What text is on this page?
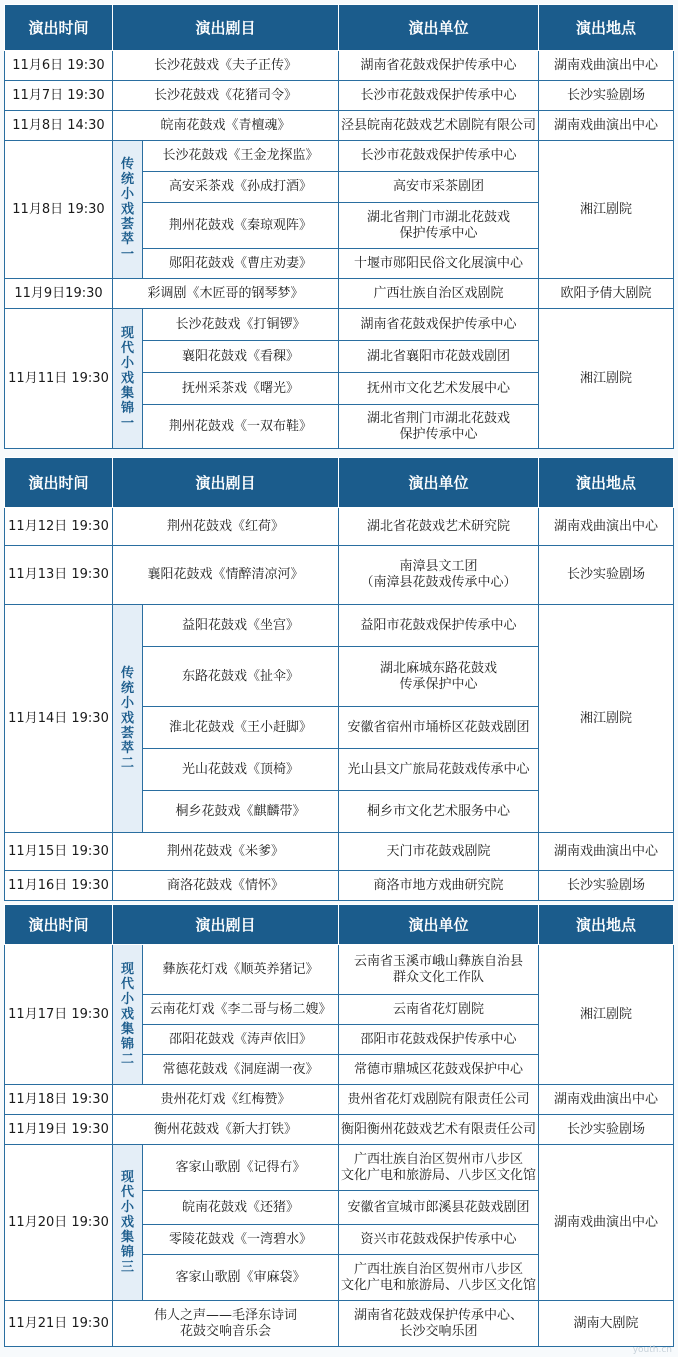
演出时间	演出剧目		演出单位	演出地点
11月6日 19:30	长沙花鼓戏《夫子正传》		湖南省花鼓戏保护传承中心	湖南戏曲演出中心
11月7日 19:30	长沙花鼓戏《花猪司令》		长沙市花鼓戏保护传承中心	长沙实验剧场
11月8日 14:30	皖南花鼓戏《青檀魂》		泾县皖南花鼓戏艺术剧院有限公司	湖南戏曲演出中心
11月8日 19:30	传统小戏荟萃一	长沙花鼓戏《王金龙探监》	长沙市花鼓戏保护传承中心	湘江剧院
		高安采茶戏《孙成打酒》	高安市采茶剧团	
		荆州花鼓戏《秦琼观阵》	湖北省荆门市湖北花鼓戏
保护传承中心	
		郧阳花鼓戏《曹庄劝妻》	十堰市郧阳民俗文化展演中心	
11月9日19:30	彩调剧《木匠哥的钢琴梦》		广西壮族自治区戏剧院	欧阳予倩大剧院
11月11日 19:30	现代小戏集锦一	长沙花鼓戏《打铜锣》	湖南省花鼓戏保护传承中心	湘江剧院
		襄阳花鼓戏《看稞》	湖北省襄阳市花鼓戏剧团	
		抚州采茶戏《曙光》	抚州市文化艺术发展中心	
		荆州花鼓戏《一双布鞋》	湖北省荆门市湖北花鼓戏
保护传承中心	
演出时间	演出剧目		演出单位	演出地点
11月12日 19:30	荆州花鼓戏《红荷》		湖北省花鼓戏艺术研究院	湖南戏曲演出中心
11月13日 19:30	襄阳花鼓戏《情醉清凉河》		南漳县文工团
（南漳县花鼓戏传承中心）	长沙实验剧场
11月14日 19:30	传统小戏荟萃二	益阳花鼓戏《坐宫》	益阳市花鼓戏保护传承中心	湘江剧院
		东路花鼓戏《扯伞》	湖北麻城东路花鼓戏
传承保护中心	
		淮北花鼓戏《王小赶脚》	安徽省宿州市埇桥区花鼓戏剧团	
		光山花鼓戏《顶椅》	光山县文广旅局花鼓戏传承中心	
		桐乡花鼓戏《麒麟带》	桐乡市文化艺术服务中心	
11月15日 19:30	荆州花鼓戏《米爹》		天门市花鼓戏剧院	湖南戏曲演出中心
11月16日 19:30	商洛花鼓戏《情怀》		商洛市地方戏曲研究院	长沙实验剧场
演出时间	演出剧目		演出单位	演出地点
11月17日 19:30	现代小戏集锦二	彝族花灯戏《顺英养猪记》	云南省玉溪市峨山彝族自治县
群众文化工作队	湘江剧院
		云南花灯戏《李二哥与杨二嫂》	云南省花灯剧院	
		邵阳花鼓戏《涛声依旧》	邵阳市花鼓戏保护传承中心	
		常德花鼓戏《洞庭湖一夜》	常德市鼎城区花鼓戏保护中心	
11月18日 19:30	贵州花灯戏《红梅赞》		贵州省花灯戏剧院有限责任公司	湖南戏曲演出中心
11月19日 19:30	衡州花鼓戏《新大打铁》		衡阳衡州花鼓戏艺术有限责任公司	长沙实验剧场
11月20日 19:30	现代小戏集锦三	客家山歌剧《记得冇》	广西壮族自治区贺州市八步区
文化广电和旅游局、八步区文化馆	湖南戏曲演出中心
		皖南花鼓戏《还猪》	安徽省宣城市郎溪县花鼓戏剧团	
		零陵花鼓戏《一湾碧水》	资兴市花鼓戏保护传承中心	
		客家山歌剧《审麻袋》	广西壮族自治区贺州市八步区
文化广电和旅游局、八步区文化馆	
11月21日 19:30	伟人之声——毛泽东诗词
花鼓交响音乐会		湖南省花鼓戏保护传承中心、
长沙交响乐团	湖南大剧院
youth.cn
